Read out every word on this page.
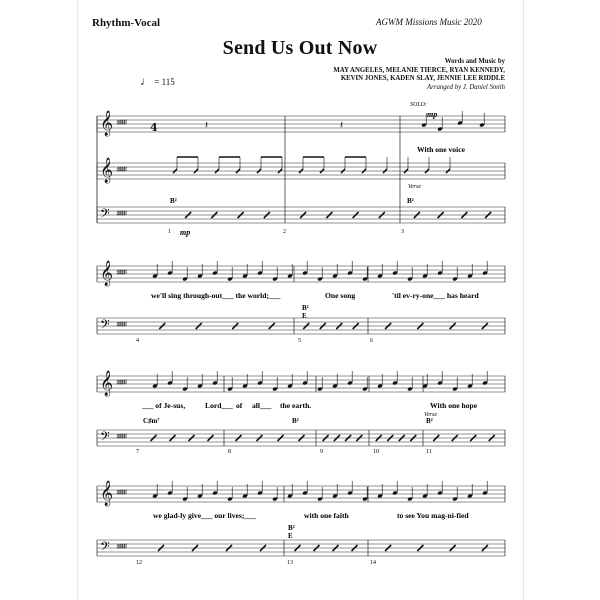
Rhythm-Vocal	AGWM Missions Music 2020
Send Us Out Now
Words and Music by
MAY ANGELES, MELANIE TIERCE, RYAN KENNEDY,
KEVIN JONES, KADEN SLAY, JENNIE LEE RIDDLE
Arranged by J. Daniel Smith
♩ = 115
𝄞
𝄞
𝄢
♯♯♯♯♯
♯♯♯♯♯
♯♯♯♯♯
4	𝄽	𝄽
𝄞
𝄢
♯♯♯♯♯
♯♯♯♯♯
𝄞
𝄢
♯♯♯♯♯
♯♯♯♯♯
𝄞
𝄢
♯♯♯♯♯
♯♯♯♯♯
SOLO:
mp
With one voice
Verse
B²	B²
1 mp	2	3
we'll sing through-out___ the world;___	One song	'til ev-ry-one___ has heard
B²
E
4	5	6
___ of Je-sus,	Lord___ of all___ the earth.	With one hope
Verse
C♯m⁷	B²	B²
7	8	9	10	11
we glad-ly give___ our lives;___	with one faith	to see You mag-ni-fied
B²
E
12	13	14
